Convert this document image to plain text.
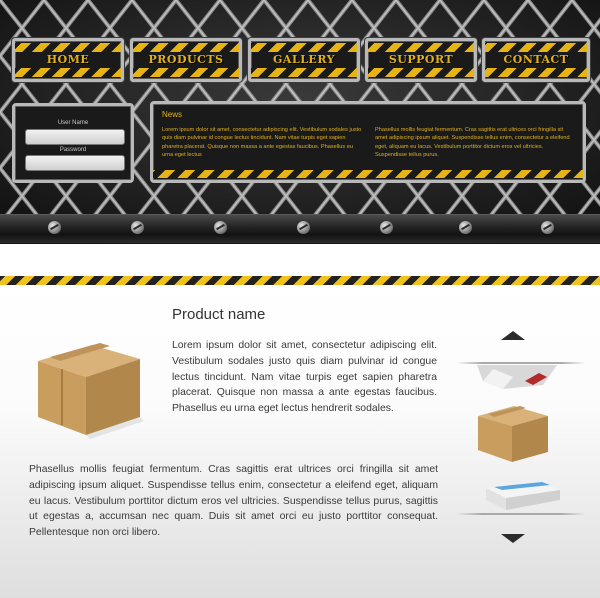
HOME	PRODUCTS	GALLERY	SUPPORT	CONTACT
User Name
Password
News
Lorem ipsum dolor sit amet, consectetur adipiscing elit. Vestibulum sodales justo quis diam pulvinar id congue lectus tincidunt. Nam vitae turpis eget sapien pharetra placerat. Quisque non massa a ante egestas faucibus. Phasellus eu urna eget lectus
Phasellus mollis feugiat fermentum. Cras sagittis erat ultrices orci fringilla sit amet adipiscing ipsum aliquet. Suspendisse tellus enim, consectetur a eleifend eget, aliquam eu lacus. Vestibulum porttitor dictum eros vel ultricies. Suspendisse tellus purus.
Product name
Lorem ipsum dolor sit amet, consectetur adipiscing elit. Vestibulum sodales justo quis diam pulvinar id congue lectus tincidunt. Nam vitae turpis eget sapien pharetra placerat. Quisque non massa a ante egestas faucibus. Phasellus eu urna eget lectus hendrerit sodales.
Phasellus mollis feugiat fermentum. Cras sagittis erat ultrices orci fringilla sit amet adipiscing ipsum aliquet. Suspendisse tellus enim, consectetur a eleifend eget, aliquam eu lacus. Vestibulum porttitor dictum eros vel ultricies. Suspendisse tellus purus, sagittis ut egestas a, accumsan nec quam. Duis sit amet orci eu justo porttitor consequat. Pellentesque non orci libero.
